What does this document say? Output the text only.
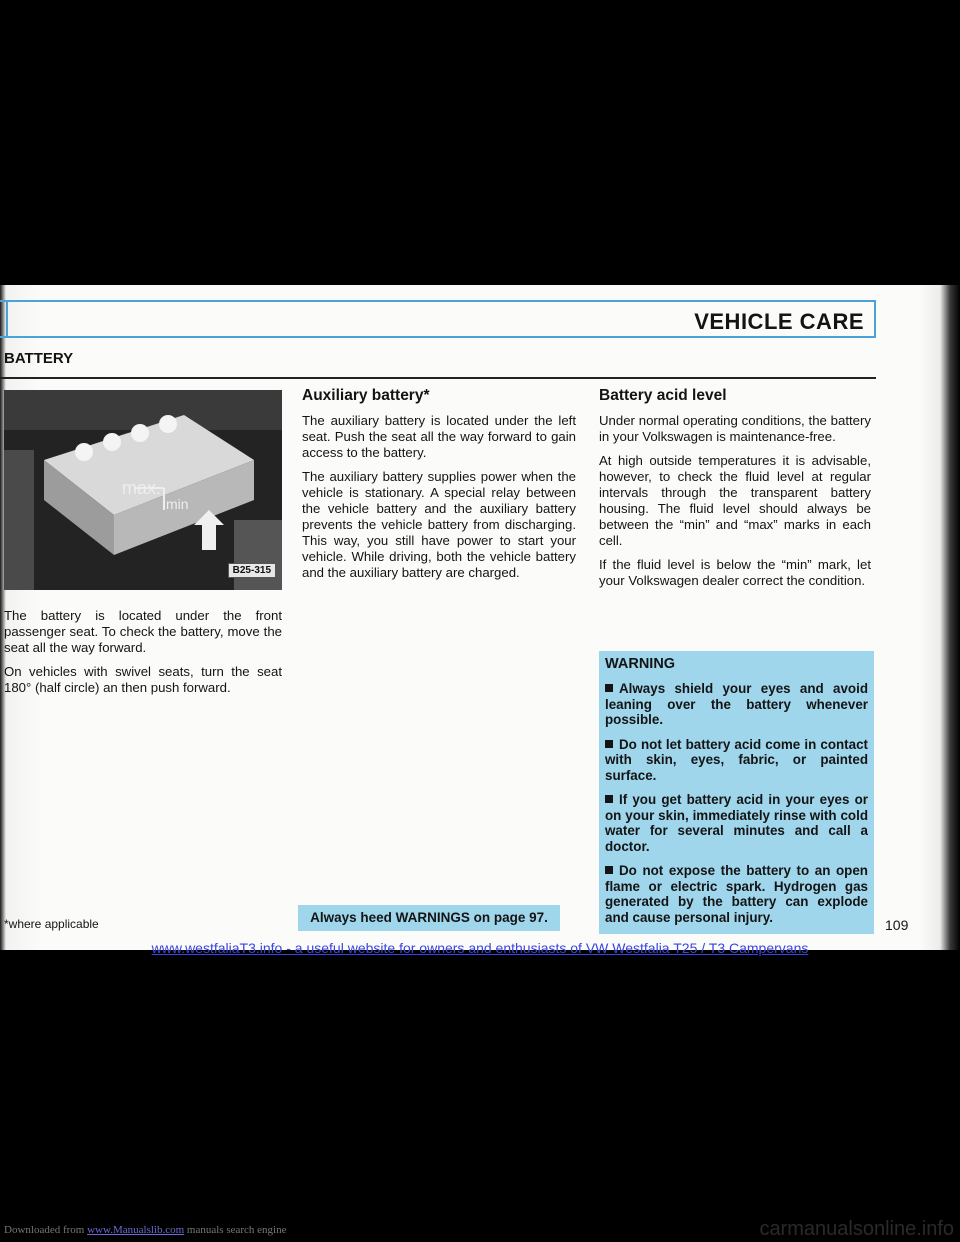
VEHICLE CARE
BATTERY
max.
min
B25-315

The battery is located under the front passenger seat. To check the battery, move the seat all the way forward.

On vehicles with swivel seats, turn the seat 180° (half circle) an then push forward.

Auxiliary battery*

The auxiliary battery is located under the left seat. Push the seat all the way forward to gain access to the battery.

The auxiliary battery supplies power when the vehicle is stationary. A special relay between the vehicle battery and the auxiliary battery prevents the vehicle battery from discharging. This way, you still have power to start your vehicle. While driving, both the vehicle battery and the auxiliary battery are charged.

Battery acid level

Under normal operating conditions, the battery in your Volkswagen is maintenance-free.

At high outside temperatures it is advisable, however, to check the fluid level at regular intervals through the transparent battery housing. The fluid level should always be between the “min” and “max” marks in each cell.

If the fluid level is below the “min” mark, let your Volkswagen dealer correct the condition.

WARNING
Always shield your eyes and avoid leaning over the battery whenever possible.
Do not let battery acid come in contact with skin, eyes, fabric, or painted surface.
If you get battery acid in your eyes or on your skin, immediately rinse with cold water for several minutes and call a doctor.
Do not expose the battery to an open flame or electric spark. Hydrogen gas generated by the battery can explode and cause personal injury.
Always heed WARNINGS on page 97.
*where applicable	109
www.westfaliaT3.info - a useful website for owners and enthusiasts of VW Westfalia T25 / T3 Campervans
Downloaded from www.Manualslib.com manuals search engine	carmanualsonline.info
